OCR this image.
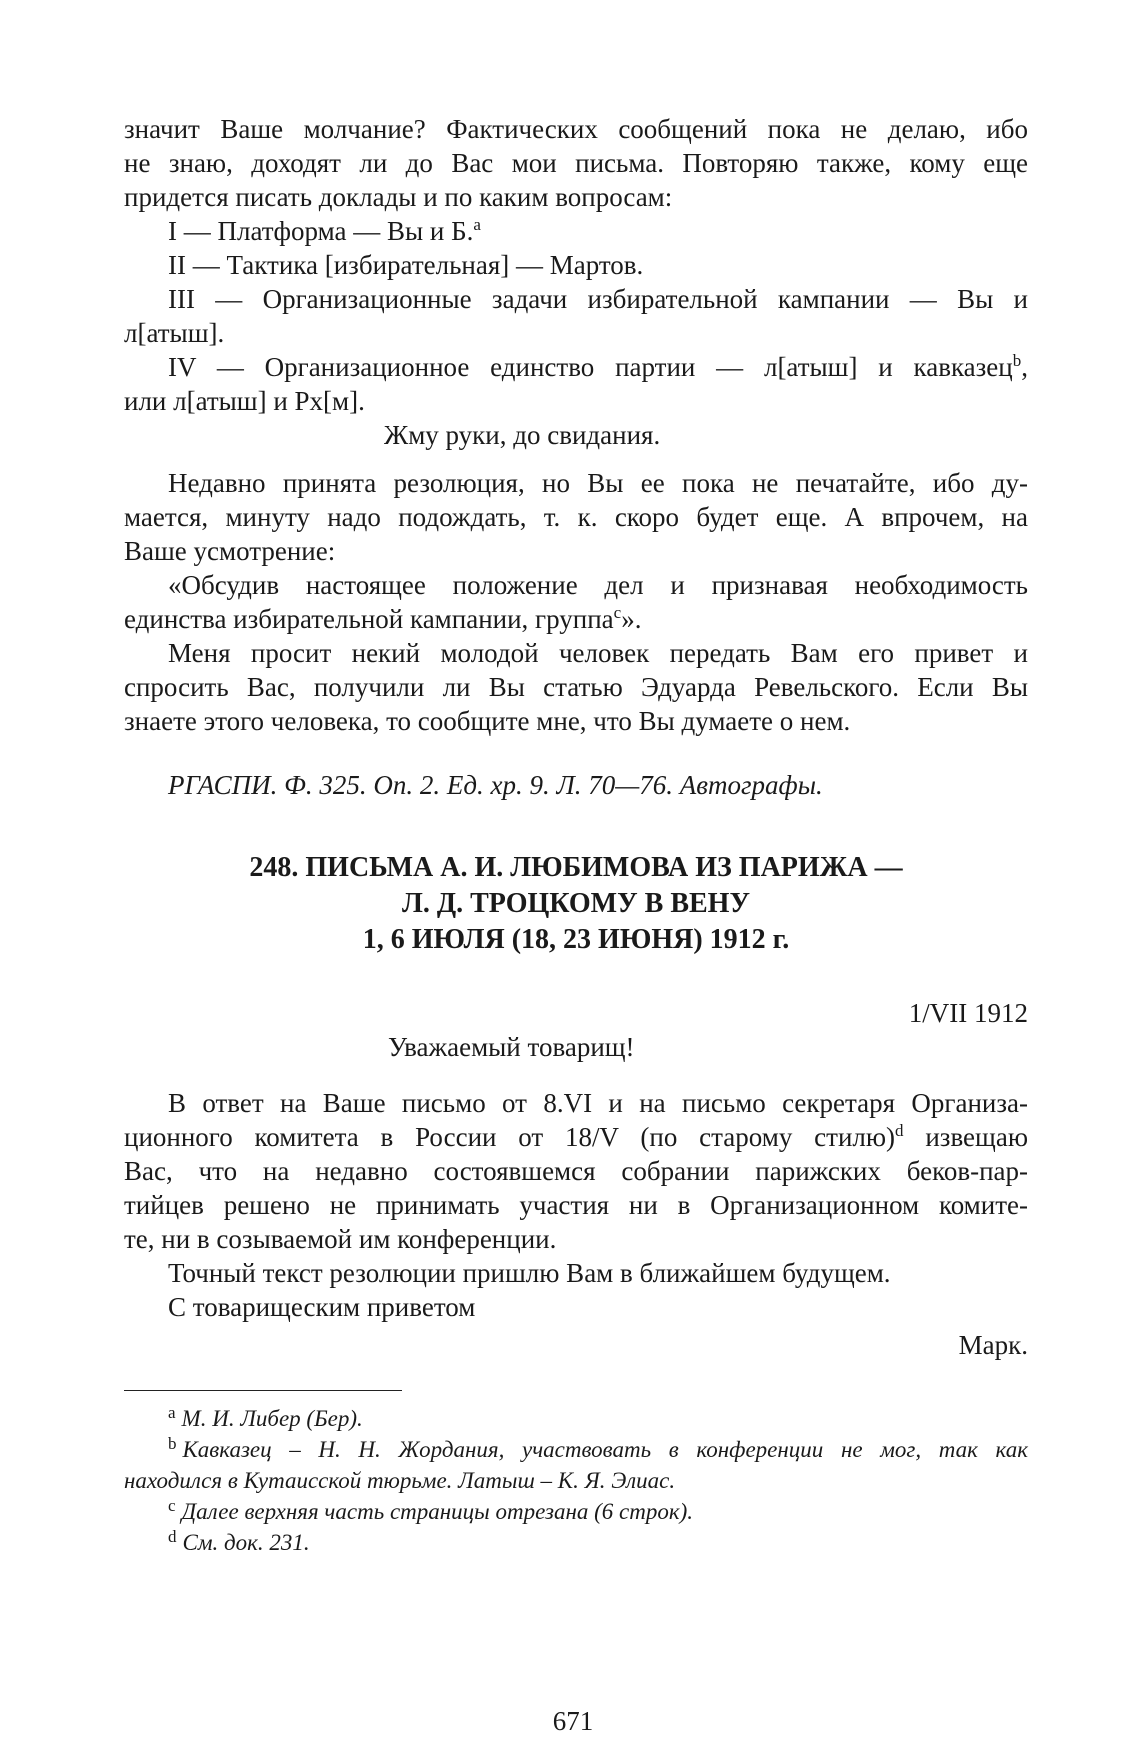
значит Ваше молчание? Фактических сообщений пока не делаю, ибо

не знаю, доходят ли до Вас мои письма. Повторяю также, кому еще

придется писать доклады и по каким вопросам:

I — Платформа — Вы и Б.$^a$

II — Тактика [избирательная] — Мартов.

III — Организационные задачи избирательной кампании — Вы и

л[атыш].

IV — Организационное единство партии — л[атыш] и кавказец$^b$,

или л[атыш] и Рх[м].

Жму руки, до свидания.

Недавно принята резолюция, но Вы ее пока не печатайте, ибо ду-

мается, минуту надо подождать, т. к. скоро будет еще. А впрочем, на

Ваше усмотрение:

«Обсудив настоящее положение дел и признавая необходимость

единства избирательной кампании, группа$^c$».

Меня просит некий молодой человек передать Вам его привет и

спросить Вас, получили ли Вы статью Эдуарда Ревельского. Если Вы

знаете этого человека, то сообщите мне, что Вы думаете о нем.

РГАСПИ. Ф. 325. Оп. 2. Ед. хр. 9. Л. 70—76. Автографы.

248. ПИСЬМА А. И. ЛЮБИМОВА ИЗ ПАРИЖА —

Л. Д. ТРОЦКОМУ В ВЕНУ

1, 6 ИЮЛЯ (18, 23 ИЮНЯ) 1912 г.

1/VII 1912

Уважаемый товарищ!

В ответ на Ваше письмо от 8.VI и на письмо секретаря Организа-

ционного комитета в России от 18/V (по старому стилю)$^d$ извещаю

Вас, что на недавно состоявшемся собрании парижских беков-пар-

тийцев решено не принимать участия ни в Организационном комите-

те, ни в созываемой им конференции.

Точный текст резолюции пришлю Вам в ближайшем будущем.

С товарищеским приветом

Марк.

$^a$ М. И. Либер (Бер).

$^b$ Кавказец – Н. Н. Жордания, участвовать в конференции не мог, так как

находился в Кутаисской тюрьме. Латыш – К. Я. Элиас.

$^c$ Далее верхняя часть страницы отрезана (6 строк).

$^d$ См. док. 231.

671
